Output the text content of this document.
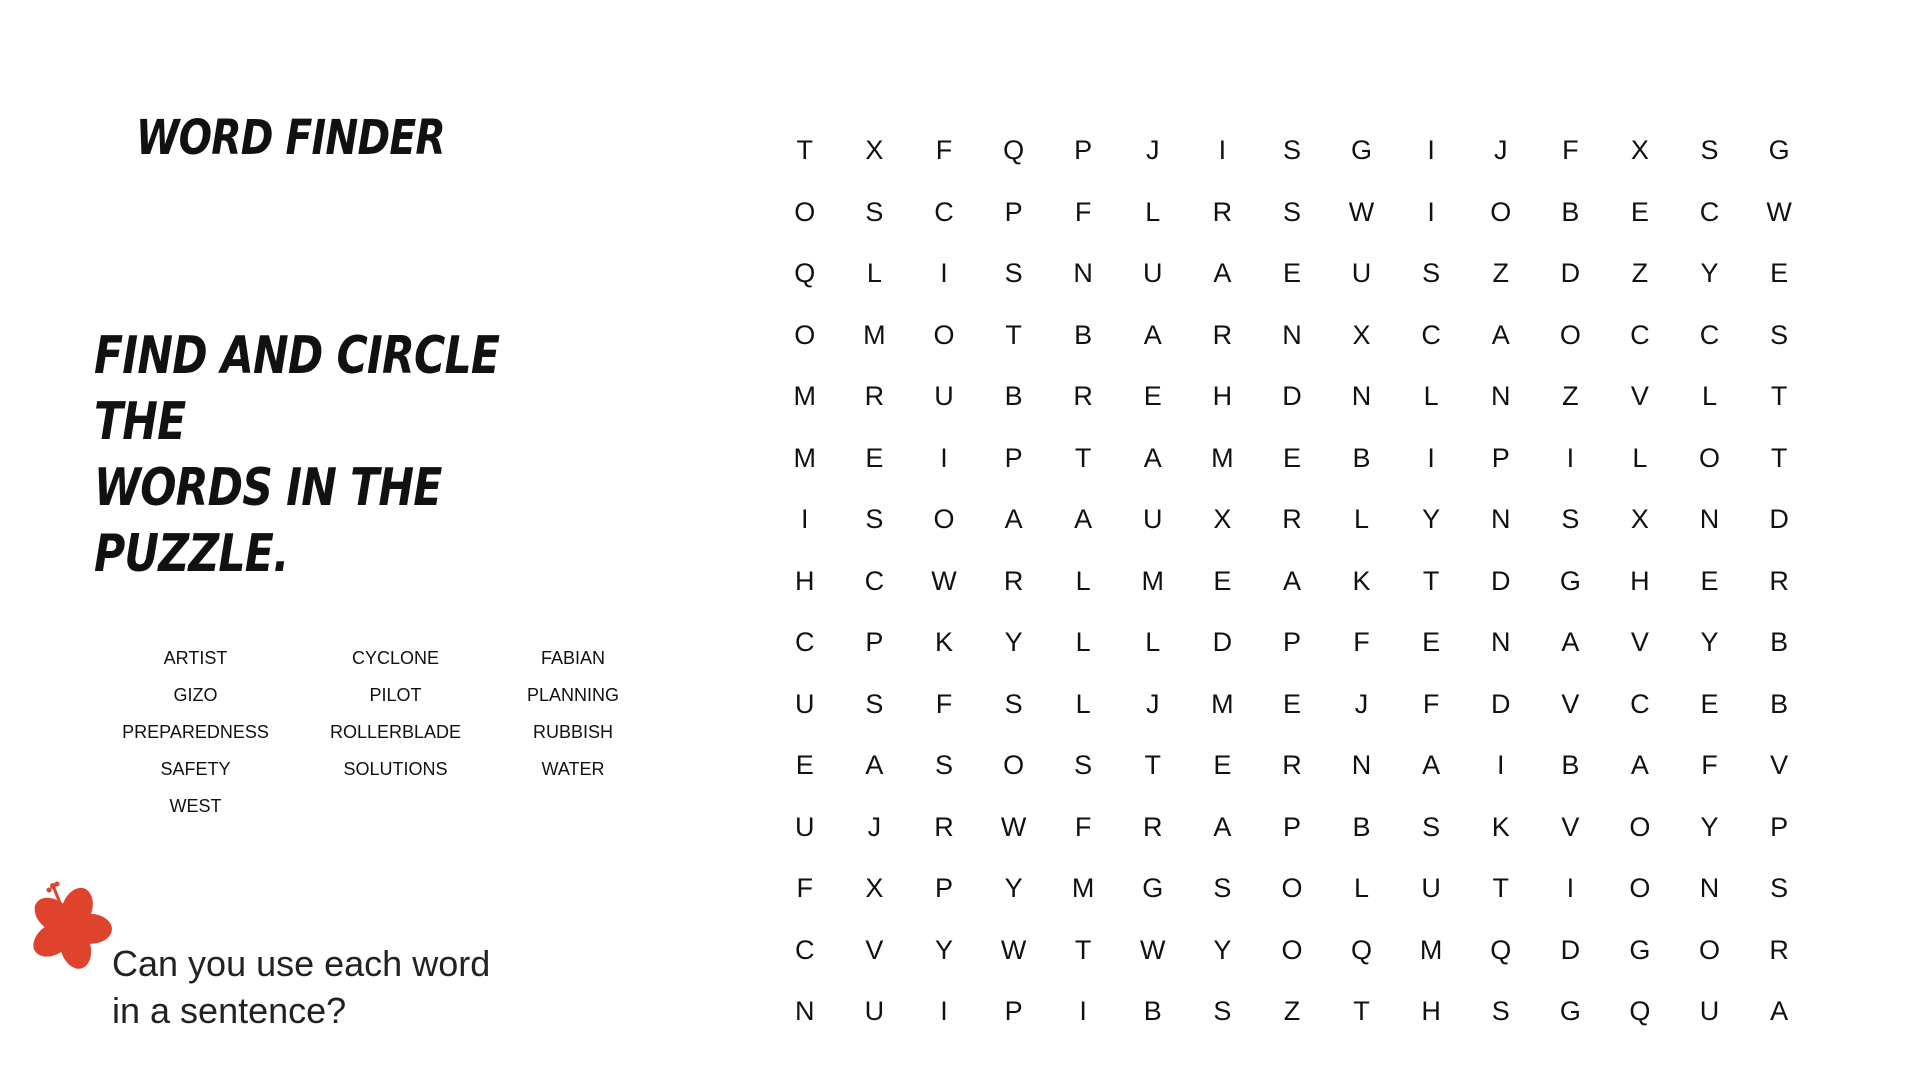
WORD FINDER
FIND AND CIRCLE THE
WORDS IN THE PUZZLE.
ARTIST	CYCLONE	FABIAN
GIZO	PILOT	PLANNING
PREPAREDNESS	ROLLERBLADE	RUBBISH
SAFETY	SOLUTIONS	WATER
WEST
Can you use each word
in a sentence?
T	X	F	Q	P	J	I	S	G	I	J	F	X	S	G
O	S	C	P	F	L	R	S	W	I	O	B	E	C	W
Q	L	I	S	N	U	A	E	U	S	Z	D	Z	Y	E
O	M	O	T	B	A	R	N	X	C	A	O	C	C	S
M	R	U	B	R	E	H	D	N	L	N	Z	V	L	T
M	E	I	P	T	A	M	E	B	I	P	I	L	O	T
I	S	O	A	A	U	X	R	L	Y	N	S	X	N	D
H	C	W	R	L	M	E	A	K	T	D	G	H	E	R
C	P	K	Y	L	L	D	P	F	E	N	A	V	Y	B
U	S	F	S	L	J	M	E	J	F	D	V	C	E	B
E	A	S	O	S	T	E	R	N	A	I	B	A	F	V
U	J	R	W	F	R	A	P	B	S	K	V	O	Y	P
F	X	P	Y	M	G	S	O	L	U	T	I	O	N	S
C	V	Y	W	T	W	Y	O	Q	M	Q	D	G	O	R
N	U	I	P	I	B	S	Z	T	H	S	G	Q	U	A
